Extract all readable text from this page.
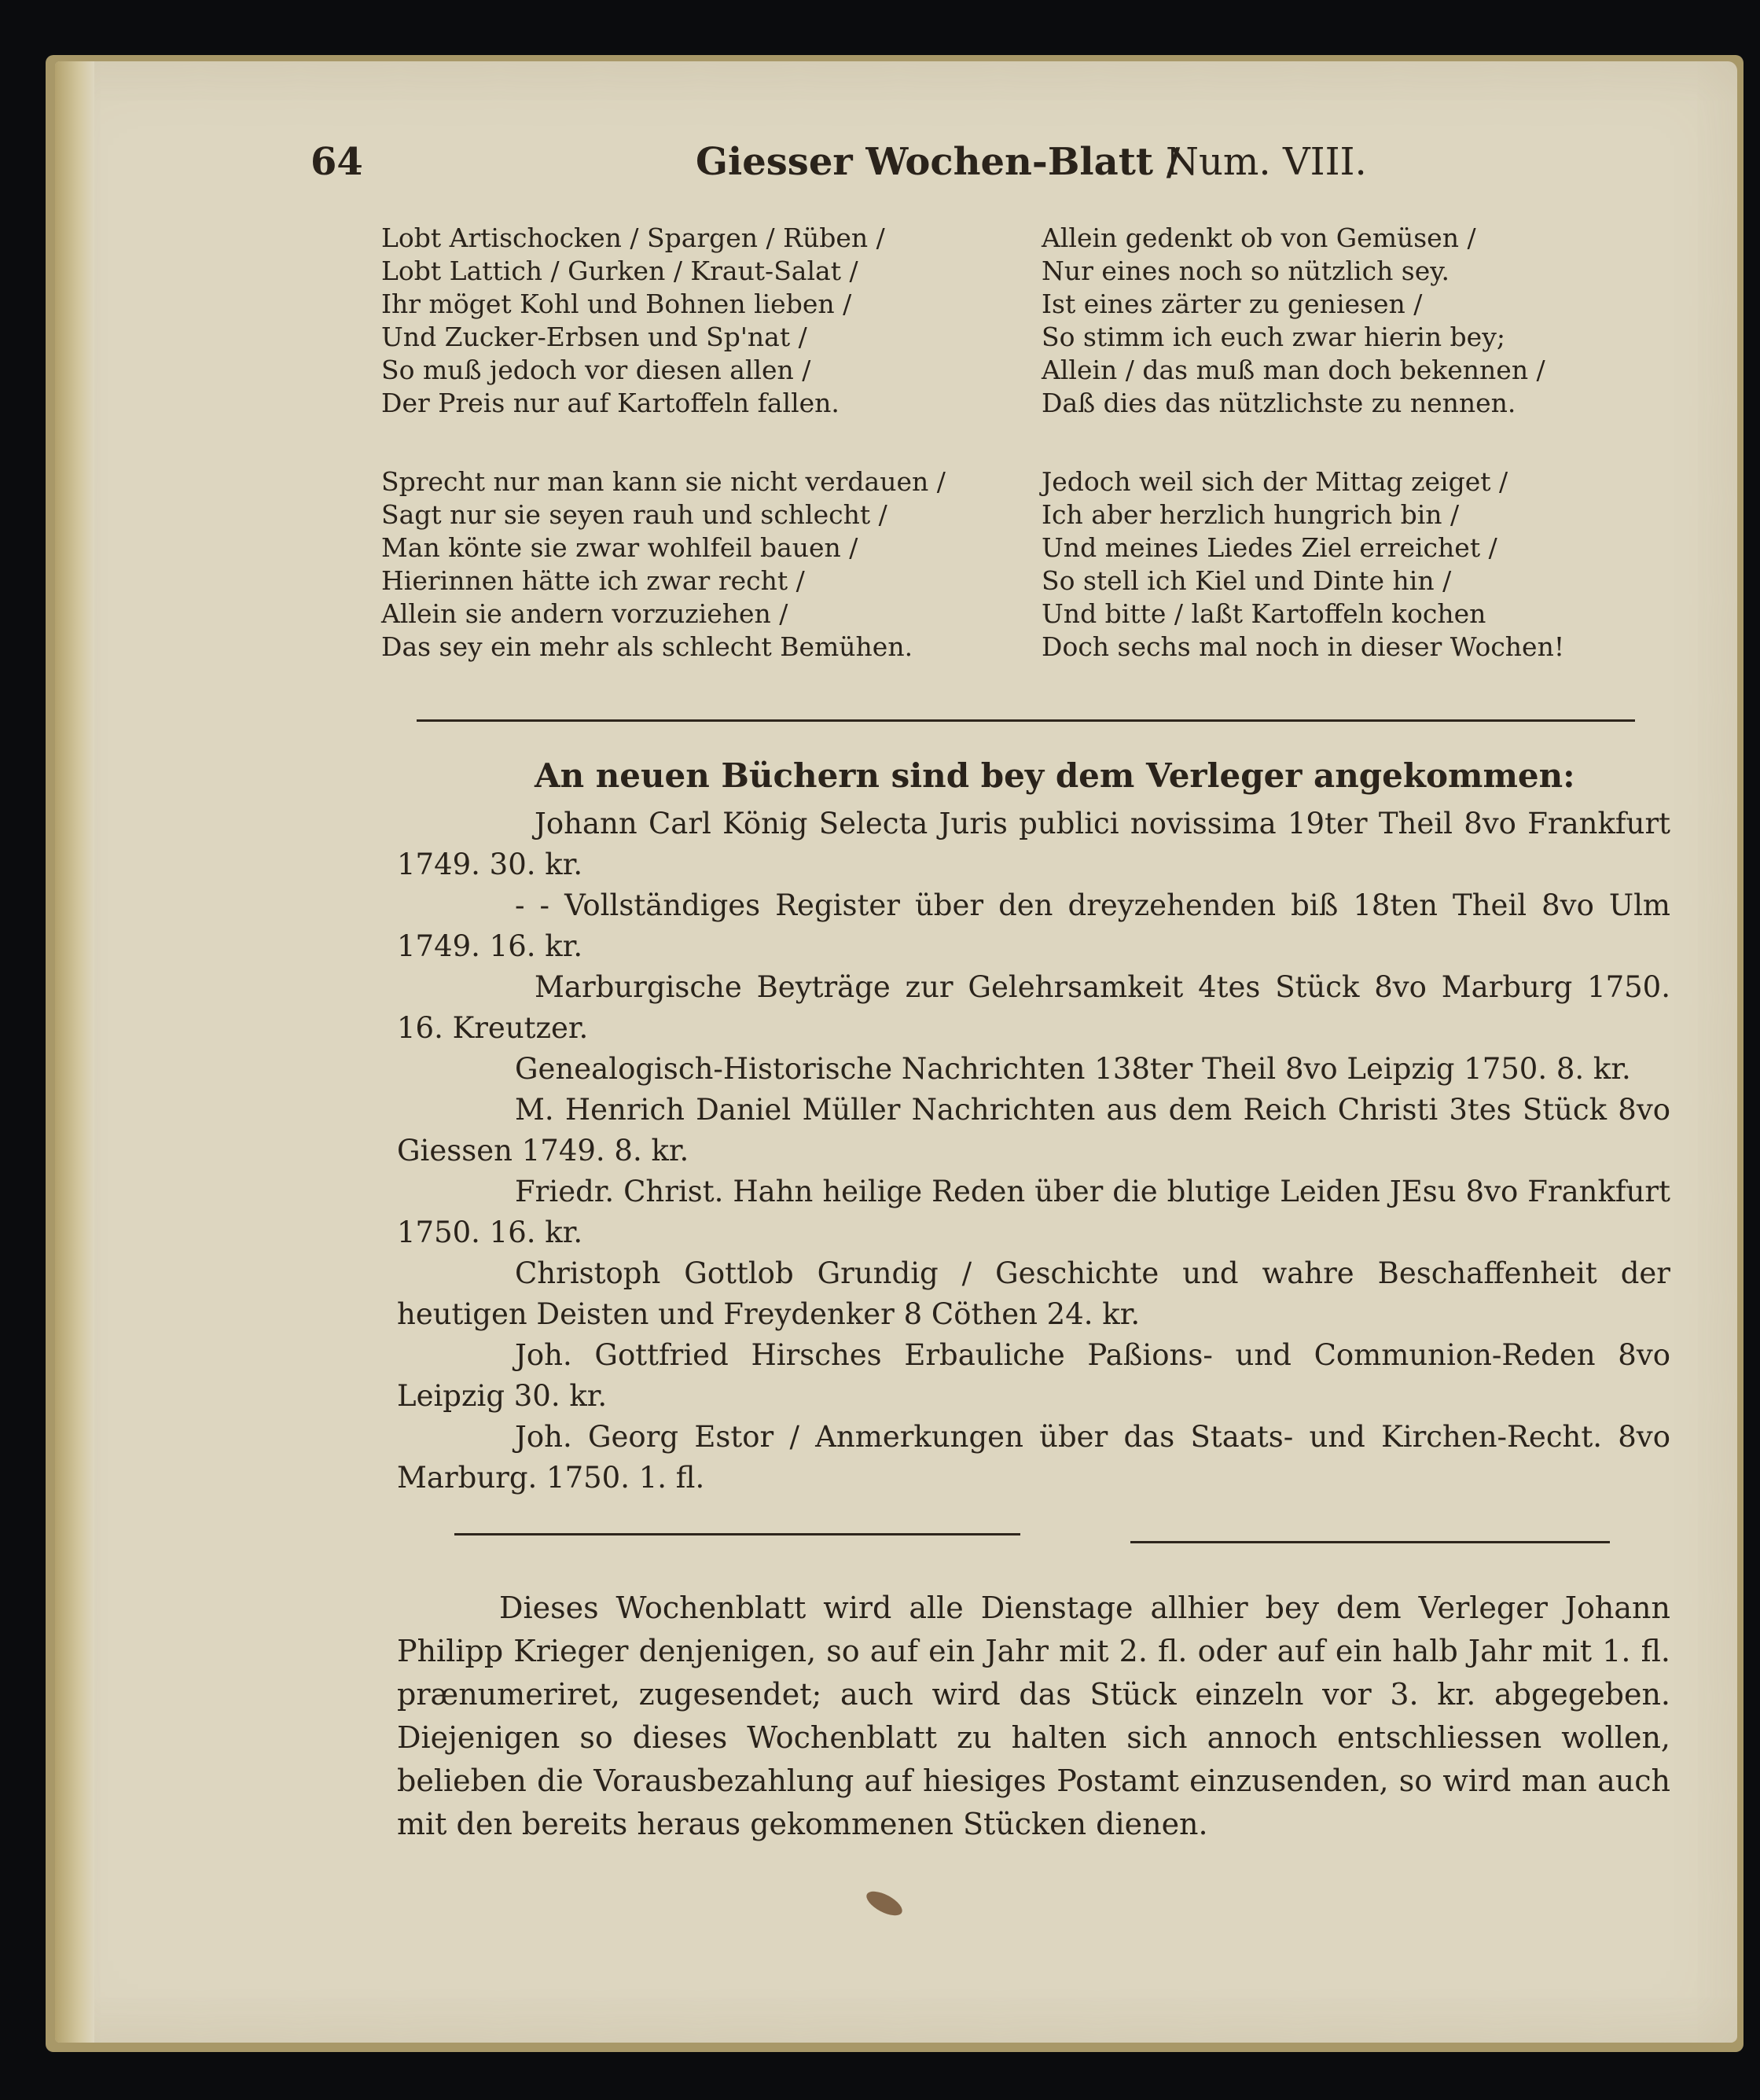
64	Giesser Wochen-Blatt /
Num. VIII.
Lobt Artischocken / Spargen / Rüben /
Lobt Lattich / Gurken / Kraut-Salat /
Ihr möget Kohl und Bohnen lieben /
Und Zucker-Erbsen und Sp'nat /
So muß jedoch vor diesen allen /
Der Preis nur auf Kartoffeln fallen.
Allein gedenkt ob von Gemüsen /
Nur eines noch so nützlich sey.
Ist eines zärter zu geniesen /
So stimm ich euch zwar hierin bey;
Allein / das muß man doch bekennen /
Daß dies das nützlichste zu nennen.
Sprecht nur man kann sie nicht verdauen /
Sagt nur sie seyen rauh und schlecht /
Man könte sie zwar wohlfeil bauen /
Hierinnen hätte ich zwar recht /
Allein sie andern vorzuziehen /
Das sey ein mehr als schlecht Bemühen.
Jedoch weil sich der Mittag zeiget /
Ich aber herzlich hungrich bin /
Und meines Liedes Ziel erreichet /
So stell ich Kiel und Dinte hin /
Und bitte / laßt Kartoffeln kochen
Doch sechs mal noch in dieser Wochen!
An neuen Büchern sind bey dem Verleger angekommen:
Johann Carl König Selecta Juris publici novissima 19ter Theil 8vo Frankfurt 1749. 30. kr.
- - Vollständiges Register über den dreyzehenden biß 18ten Theil 8vo Ulm 1749. 16. kr.
Marburgische Beyträge zur Gelehrsamkeit 4tes Stück 8vo Marburg 1750. 16. Kreutzer.
Genealogisch-Historische Nachrichten 138ter Theil 8vo Leipzig 1750. 8. kr.
M. Henrich Daniel Müller Nachrichten aus dem Reich Christi 3tes Stück 8vo Giessen 1749. 8. kr.
Friedr. Christ. Hahn heilige Reden über die blutige Leiden JEsu 8vo Frankfurt 1750. 16. kr.
Christoph Gottlob Grundig / Geschichte und wahre Beschaffenheit der heutigen Deisten und Freydenker 8 Cöthen 24. kr.
Joh. Gottfried Hirsches Erbauliche Paßions- und Communion-Reden 8vo Leipzig 30. kr.
Joh. Georg Estor / Anmerkungen über das Staats- und Kirchen-Recht. 8vo Marburg. 1750. 1. fl.
Dieses Wochenblatt wird alle Dienstage allhier bey dem Verleger Johann Philipp Krieger denjenigen, so auf ein Jahr mit 2. fl. oder auf ein halb Jahr mit 1. fl. prænumeriret, zugesendet; auch wird das Stück einzeln vor 3. kr. abgegeben. Diejenigen so dieses Wochenblatt zu halten sich annoch entschliessen wollen, belieben die Vorausbezahlung auf hiesiges Postamt einzusenden, so wird man auch mit den bereits heraus gekommenen Stücken dienen.
